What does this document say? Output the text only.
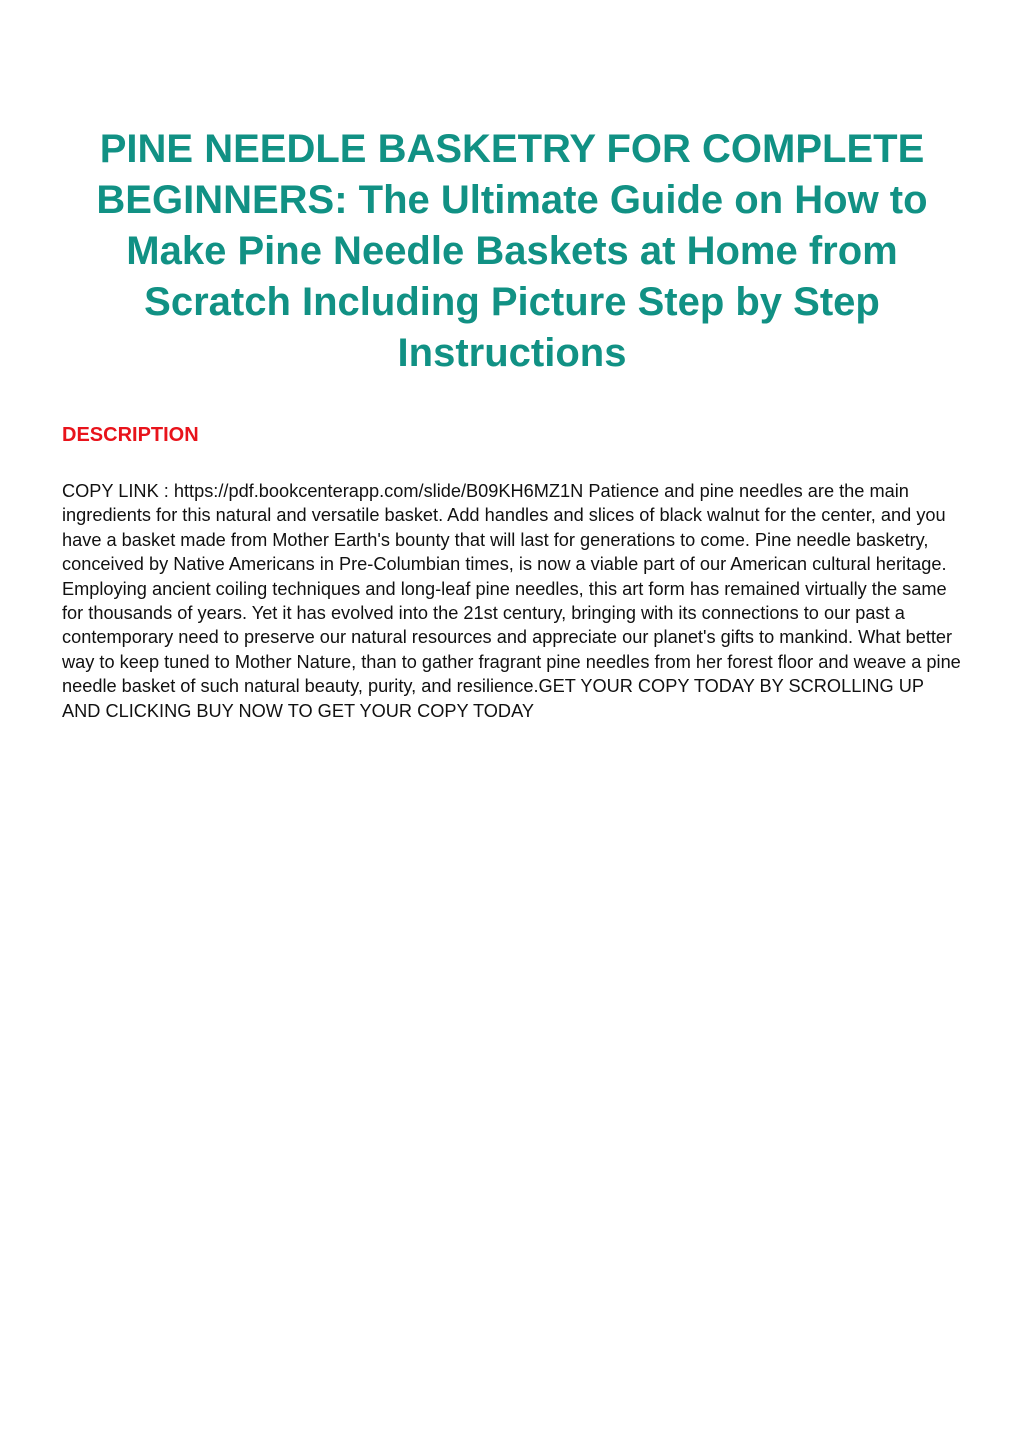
PINE NEEDLE BASKETRY FOR COMPLETE BEGINNERS: The Ultimate Guide on How to Make Pine Needle Baskets at Home from Scratch Including Picture Step by Step Instructions
DESCRIPTION

COPY LINK : https://pdf.bookcenterapp.com/slide/B09KH6MZ1N Patience and pine needles are the main ingredients for this natural and versatile basket. Add handles and slices of black walnut for the center, and you have a basket made from Mother Earth's bounty that will last for generations to come. Pine needle basketry, conceived by Native Americans in Pre-Columbian times, is now a viable part of our American cultural heritage. Employing ancient coiling techniques and long-leaf pine needles, this art form has remained virtually the same for thousands of years. Yet it has evolved into the 21st century, bringing with its connections to our past a contemporary need to preserve our natural resources and appreciate our planet's gifts to mankind. What better way to keep tuned to Mother Nature, than to gather fragrant pine needles from her forest floor and weave a pine needle basket of such natural beauty, purity, and resilience.GET YOUR COPY TODAY BY SCROLLING UP AND CLICKING BUY NOW TO GET YOUR COPY TODAY
